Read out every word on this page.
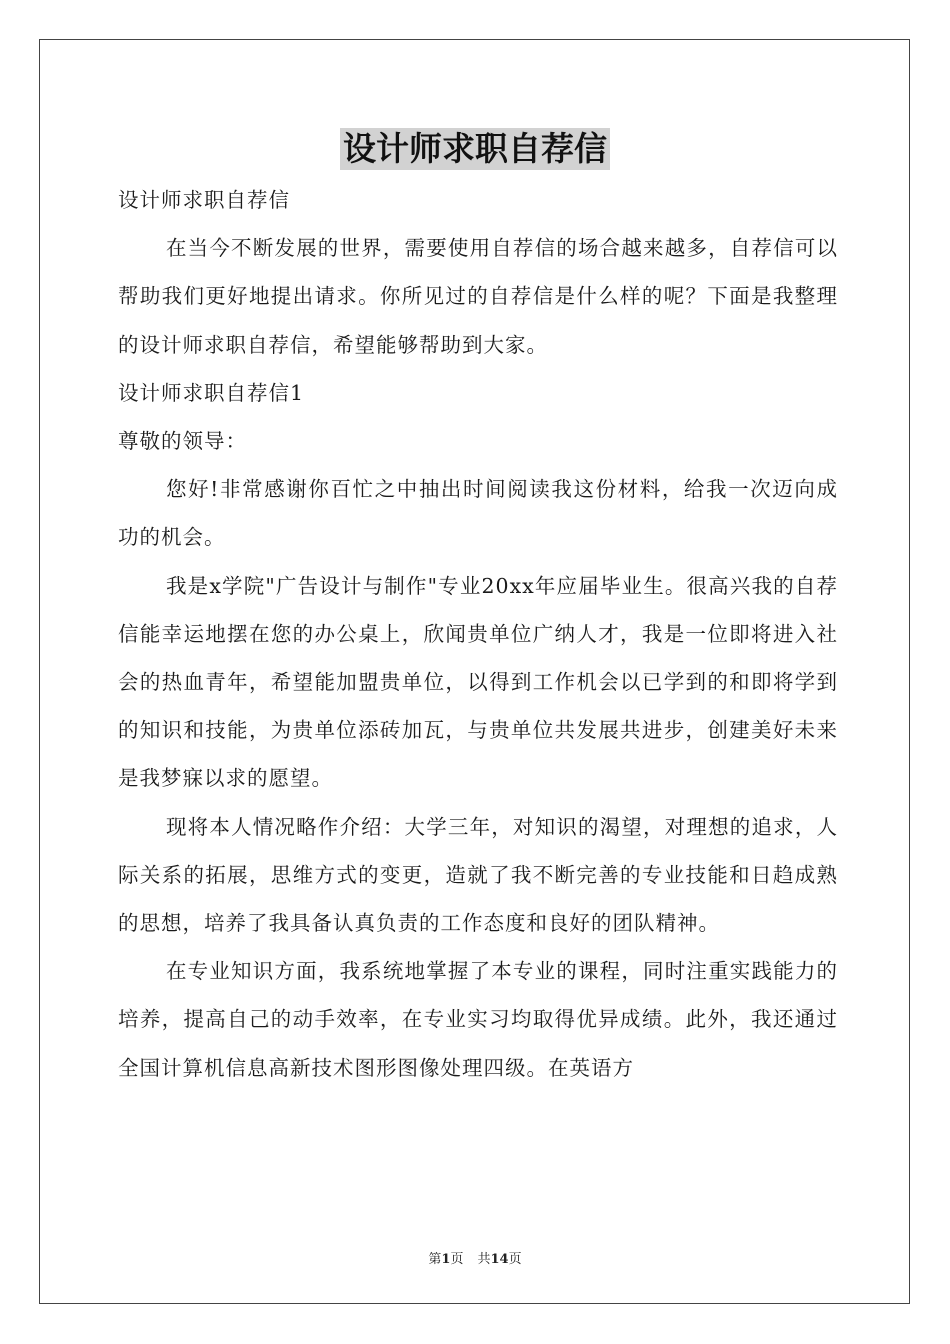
设计师求职自荐信

设计师求职自荐信

在当今不断发展的世界，需要使用自荐信的场合越来越多，自荐信可以帮助我们更好地提出请求。你所见过的自荐信是什么样的呢？下面是我整理的设计师求职自荐信，希望能够帮助到大家。

设计师求职自荐信1

尊敬的领导：

您好!非常感谢你百忙之中抽出时间阅读我这份材料，给我一次迈向成功的机会。

我是x学院"广告设计与制作"专业20xx年应届毕业生。很高兴我的自荐信能幸运地摆在您的办公桌上，欣闻贵单位广纳人才，我是一位即将进入社会的热血青年，希望能加盟贵单位，以得到工作机会以已学到的和即将学到的知识和技能，为贵单位添砖加瓦，与贵单位共发展共进步，创建美好未来是我梦寐以求的愿望。

现将本人情况略作介绍：大学三年，对知识的渴望，对理想的追求，人际关系的拓展，思维方式的变更，造就了我不断完善的专业技能和日趋成熟的思想，培养了我具备认真负责的工作态度和良好的团队精神。

在专业知识方面，我系统地掌握了本专业的课程，同时注重实践能力的培养，提高自己的动手效率，在专业实习均取得优异成绩。此外，我还通过全国计算机信息高新技术图形图像处理四级。在英语方

第1页 共14页
